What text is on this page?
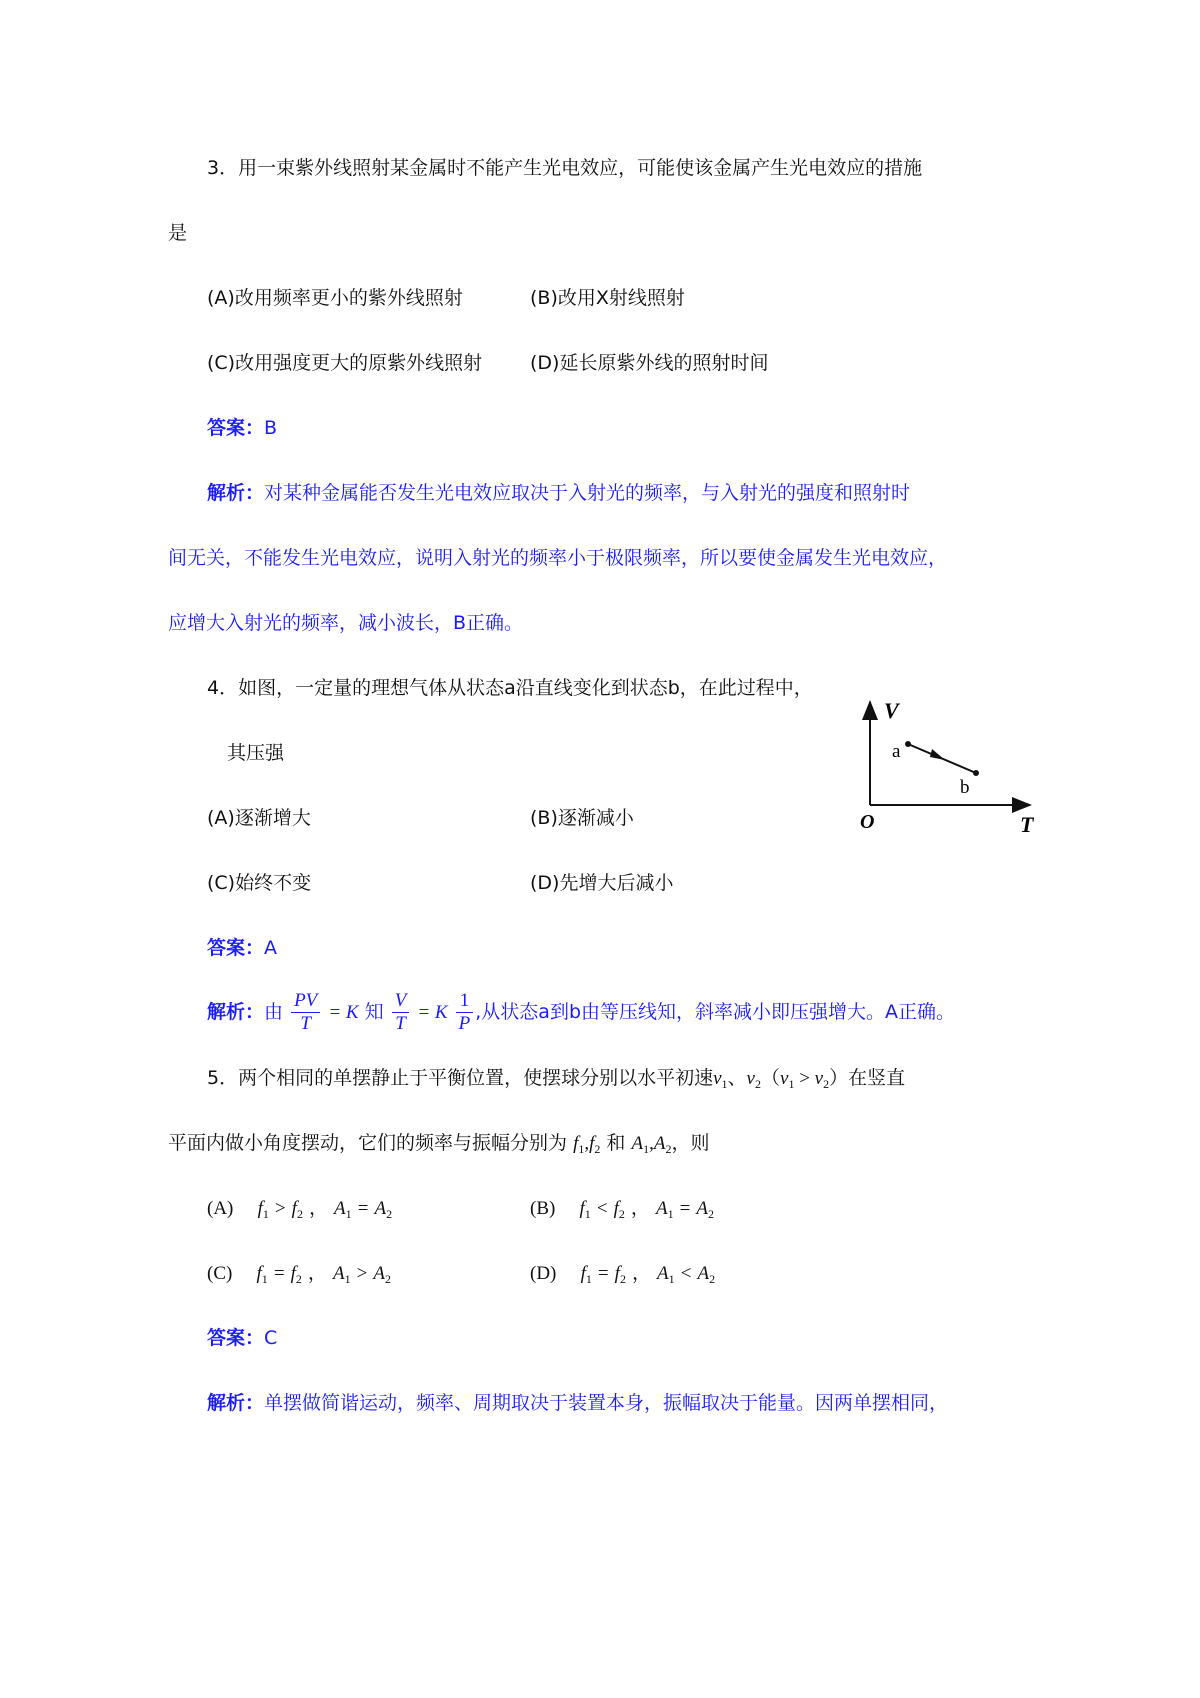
3．用一束紫外线照射某金属时不能产生光电效应，可能使该金属产生光电效应的措施
是
(A)改用频率更小的紫外线照射	(B)改用X射线照射
(C)改用强度更大的原紫外线照射	(D)延长原紫外线的照射时间
答案：B
解析：对某种金属能否发生光电效应取决于入射光的频率，与入射光的强度和照射时
间无关，不能发生光电效应，说明入射光的频率小于极限频率，所以要使金属发生光电效应，
应增大入射光的频率，减小波长，B正确。
4．如图，一定量的理想气体从状态a沿直线变化到状态b，在此过程中，
其压强
(A)逐渐增大	(B)逐渐减小
(C)始终不变	(D)先增大后减小
V
T
O
a
b
答案：A
解析：由 $\frac{PV}{T} = K$ 知 $\frac{V}{T} = K \frac{1}{P}$ ,从状态a到b由等压线知，斜率减小即压强增大。A正确。
5．两个相同的单摆静止于平衡位置，使摆球分别以水平初速$v_1$、$v_2(v_1 > v_2)$在竖直
平面内做小角度摆动，它们的频率与振幅分别为 $f_1,f_2$ 和 $A_1,A_2$，则
(A) $f_1 > f_2$ ， $A_1 = A_2$	(B) $f_1 < f_2$ ， $A_1 = A_2$
(C) $f_1 = f_2$ ， $A_1 > A_2$	(D) $f_1 = f_2$ ， $A_1 < A_2$
答案：C
解析：单摆做简谐运动，频率、周期取决于装置本身，振幅取决于能量。因两单摆相同，
